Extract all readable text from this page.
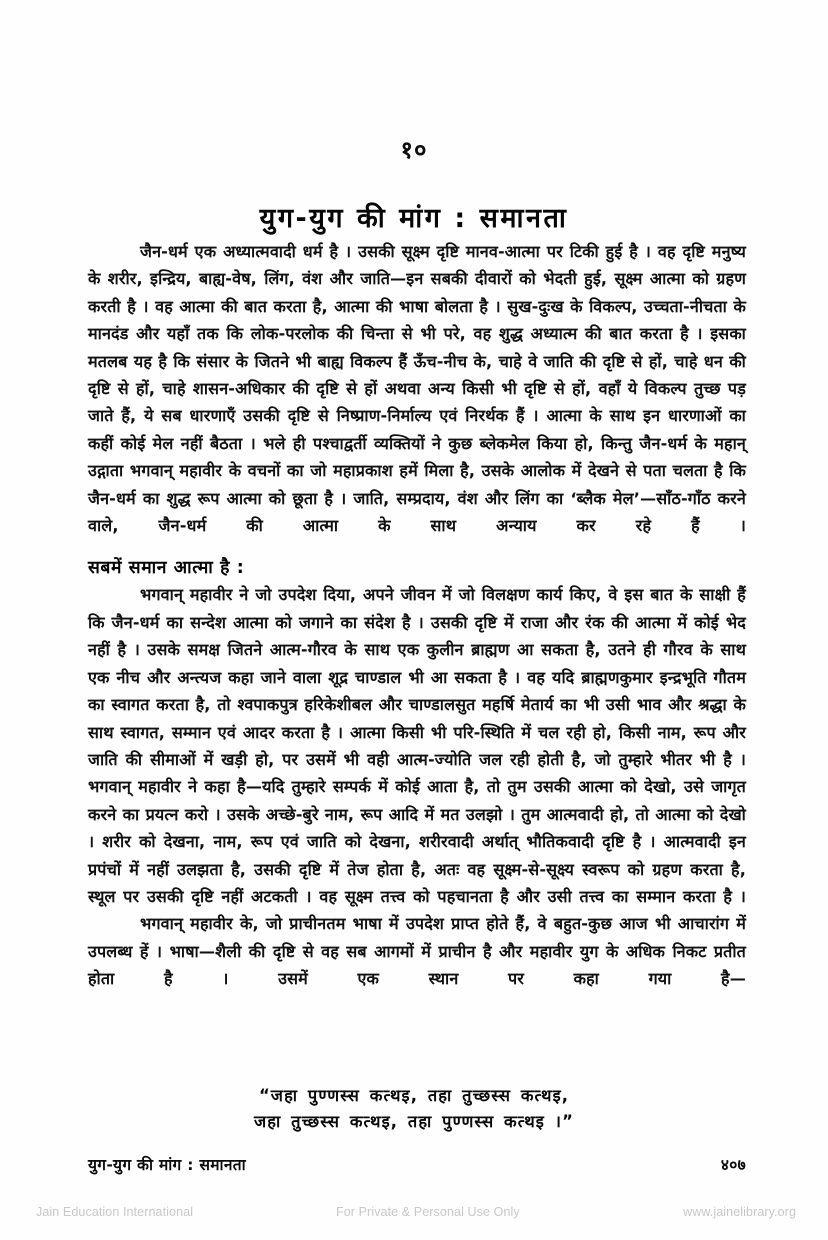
१०
युग-युग की मांग : समानता

जैन-धर्म एक अध्यात्मवादी धर्म है । उसकी सूक्ष्म दृष्टि मानव-आत्मा पर टिकी हुई है । वह दृष्टि मनुष्य के शरीर, इन्द्रिय, बाह्य-वेष, लिंग, वंश और जाति—इन सबकी दीवारों को भेदती हुई, सूक्ष्म आत्मा को ग्रहण करती है । वह आत्मा की बात करता है, आत्मा की भाषा बोलता है । सुख-दुःख के विकल्प, उच्चता-नीचता के मानदंड और यहाँ तक कि लोक-परलोक की चिन्ता से भी परे, वह शुद्ध अध्यात्म की बात करता है । इसका मतलब यह है कि संसार के जितने भी बाह्य विकल्प हैं ऊँच-नीच के, चाहे वे जाति की दृष्टि से हों, चाहे धन की दृष्टि से हों, चाहे शासन-अधिकार की दृष्टि से हों अथवा अन्य किसी भी दृष्टि से हों, वहाँ ये विकल्प तुच्छ पड़ जाते हैं, ये सब धारणाएँ उसकी दृष्टि से निष्प्राण-निर्माल्य एवं निरर्थक हैं । आत्मा के साथ इन धारणाओं का कहीं कोई मेल नहीं बैठता । भले ही पश्चाद्वर्ती व्यक्तियों ने कुछ ब्लेकमेल किया हो, किन्तु जैन-धर्म के महान् उद्गाता भगवान् महावीर के वचनों का जो महाप्रकाश हमें मिला है, उसके आलोक में देखने से पता चलता है कि जैन-धर्म का शुद्ध रूप आत्मा को छूता है । जाति, सम्प्रदाय, वंश और लिंग का ‘ब्लैक मेल’—साँठ-गाँठ करने वाले, जैन-धर्म की आत्मा के साथ अन्याय कर रहे हैं ।

सबमें समान आत्मा है :

भगवान् महावीर ने जो उपदेश दिया, अपने जीवन में जो विलक्षण कार्य किए, वे इस बात के साक्षी हैं कि जैन-धर्म का सन्देश आत्मा को जगाने का संदेश है । उसकी दृष्टि में राजा और रंक की आत्मा में कोई भेद नहीं है । उसके समक्ष जितने आत्म-गौरव के साथ एक कुलीन ब्राह्मण आ सकता है, उतने ही गौरव के साथ एक नीच और अन्त्यज कहा जाने वाला शूद्र चाण्डाल भी आ सकता है । वह यदि ब्राह्मणकुमार इन्द्रभूति गौतम का स्वागत करता है, तो श्वपाकपुत्र हरिकेशीबल और चाण्डालसुत महर्षि मेतार्य का भी उसी भाव और श्रद्धा के साथ स्वागत, सम्मान एवं आदर करता है । आत्मा किसी भी परि-स्थिति में चल रही हो, किसी नाम, रूप और जाति की सीमाओं में खड़ी हो, पर उसमें भी वही आत्म-ज्योति जल रही होती है, जो तुम्हारे भीतर भी है । भगवान् महावीर ने कहा है—यदि तुम्हारे सम्पर्क में कोई आता है, तो तुम उसकी आत्मा को देखो, उसे जागृत करने का प्रयत्न करो । उसके अच्छे-बुरे नाम, रूप आदि में मत उलझो । तुम आत्मवादी हो, तो आत्मा को देखो । शरीर को देखना, नाम, रूप एवं जाति को देखना, शरीरवादी अर्थात् भौतिकवादी दृष्टि है । आत्मवादी इन प्रपंचों में नहीं उलझता है, उसकी दृष्टि में तेज होता है, अतः वह सूक्ष्म-से-सूक्ष्य स्वरूप को ग्रहण करता है, स्थूल पर उसकी दृष्टि नहीं अटकती । वह सूक्ष्म तत्त्व को पहचानता है और उसी तत्त्व का सम्मान करता है ।

भगवान् महावीर के, जो प्राचीनतम भाषा में उपदेश प्राप्त होते हैं, वे बहुत-कुछ आज भी आचारांग में उपलब्ध हें । भाषा—शैली की दृष्टि से वह सब आगमों में प्राचीन है और महावीर युग के अधिक निकट प्रतीत होता है । उसमें एक स्थान पर कहा गया है—

“जहा पुण्णस्स कत्थइ, तहा तुच्छस्स कत्थइ,
जहा तुच्छस्स कत्थइ, तहा पुण्णस्स कत्थइ ।”
युग-युग की मांग : समानता	४०७
Jain Education International	For Private & Personal Use Only	www.jainelibrary.org
